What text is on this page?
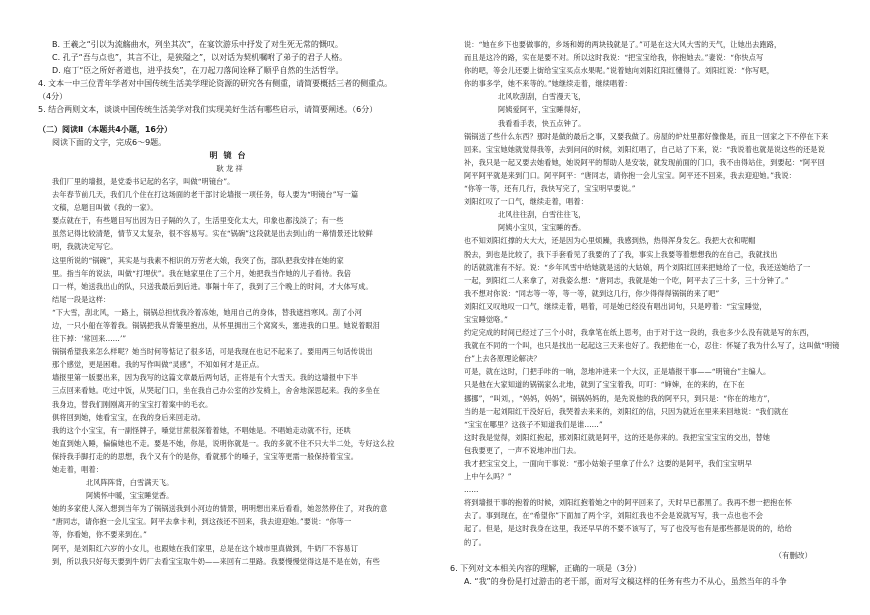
B. 王羲之“引以为流觞曲水，列坐其次”，在宴饮游乐中抒发了对生死无常的慨叹。
C. 孔子“吾与点也”，其言不让，是狭隘之”，以对话为契机嘱咐了弟子的君子人格。
D. 庖丁“臣之所好者道也，进乎技矣”，在刀起刀落间诠释了顺乎自然的生活哲学。
4. 文本一中三位青年学者对中国传统生活美学理论资源的研究各有侧重，请简要概括三者的侧重点。
（4分）
5. 结合两则文本，谈谈中国传统生活美学对我们实现美好生活有哪些启示，请简要阐述。（6分）
（二）阅读Ⅱ（本题共4小题，16分）
阅读下面的文字，完成6～9题。
明镜台
耿龙祥
我们厂里的墙报，是党委书记起的名字，叫做“明镜台”。
去年春节前几天，我们几个住在打这场面的老干部讨论墙报一项任务，每人要为“明镜台”写一篇
文稿，总题目叫做《我的一家》。
要点就在于，有些题目写出因为日子隔的久了，生活里变化太大，印象也都浅淡了；有一些
虽然记得比较清楚，情节又太复杂，很不容易写。实在“锅碗”这段就是出去到山的一幕情景还比较鲜
明，我就决定写它。
这里所说的“锅碗”，其实是与我素不相识的万劳老大娘，我突了伤，部队把我安排在她的家
里。指当年的说法，叫做“打埋伏”。我在她家里住了三个月，她把我当作她的儿子看待。我倍
口一样，她送我出山的队，只送我最后到后进。事隔十年了，我到了三个晚上的时间，才大体写成。
结尾一段是这样：
“下大雪，刮北风，一路上，锅锅总担忧我冷着冻她，她用自己的身体，替我遮挡寒风。刮了小河
边，一只小船在等着我。锅锅把我从背篓里抱出，从怀里拥出三个窝窝头，塞进我的口里。她说着眼泪
往下掉：‘常回来……’”
锅锅希望我来怎么样呢？她当时何等惦记了很多话，可是我现在也记不起来了。要用两三句话传说出
那个感觉，更是困难。我的写作叫做“灵感”，不知如何才是正点。
墙报里第一版要出来，因为我写的这篇文章最后两句话，正将是有个大雪天。我的这墙报中下半
三点回来看她。吃过中饭，从哭起门口，坐在我自己办公室的沙发椅上，舍舍地深思起来。我的多坐在
我身边，替我们刚刚离开的宝宝打着案中的毛衣。
俱将回到她，她看宝宝，在我的身后来回走动。
我的这个小宝宝，有一副怪牌子，嗓觉甘蔗很深着着她，不唱她是。不唱她走动就不行，还哄
她直到她入睡，偏偏她也不走。要是不她，你是，说明你就是一。我的多就不住不只大半二处，专好这么拉
保持我手脚打走的的思想，我个又有个的是你，看就那个的嗓子，宝宝等更需一般保持着宝宝。
她走着，唱着：
北风阵阵背，白雪满天飞。
阿姨怀中暖，宝宝睡觉香。
她的多家使人深入想到当年为了锅锅送我到小河边的情景，明明想出来后看看，她忽然停住了，对我的意
“唐同志，请你抱一会儿宝宝。阿平去拿卡利，到这孩还不回来，我去迎迎她。”要说：“你等一
等，你看她，你不要来到在。”
阿平，是刘阳红六岁的小女儿，也跟她在我们家里，总是在这个城市里真做到，牛奶厂不容易订
到，所以我只好每天要到牛奶厂去看宝宝取牛奶——来回有二里路。我要慢慢觉得这是不是在妨，有些
说：“她在乡下也要做事的，乡场和姆的两块钱就是了。”可是在这大风大雪的天气，让她出去跑路，
而且是这冷的路，实在是要不对。所以这时我说：“把宝宝给我，你抱她去。”妻说：“你快点写
你的吧，等会儿还要上街给宝宝买点水果呢。”说着她向刘阳红阳红懂得了。刘阳红说：“你写吧，
你的事多学，她不来等的。”她继续走着，继续唱着：
北风吹刮刮，白雪漫天飞，
阿姨爱阿平，宝宝睡得好，
我看看手表，快五点钟了。
锅锅送了些什么东西？那时是做的最后之事，又要我做了。房屋的炉灶里都好像像是，而且一回家之下不停在下来
回来。宝宝她她就觉得我等，去到问问的时候，刘阳红唱了，自己站了下来，说：“我说着也就是说这些的还是说
补，我只是一起又要去她看她，她说阿平的帮助人是安装，就发现前面的门口，我不由得站住，到要起：“阿平回
阿平阿平就是来到门口。阿平阿平：“唐同志，请你抱一会儿宝宝。阿平还不回来，我去迎迎她。”我说：
“你等一等，还有几行，我快写完了，宝宝明早要说。”
刘阳红叹了一口气，继续走着，唱着：
北风往往刮，白雪往往飞，
阿姨小宝贝，宝宝睡的香。
也不知刘阳红撑的大大大，还是因为心里烦躁，我感到热，热得浑身发乞。我把大衣和呢帽
脱去，到也是比较了，我下手套看见了我要的了了我，事实上我要等着想想我的在自己，我就找出
的话就就准有不好。说：“乡年风雪中给她就是送的大姑娘，两个刘阳红回来把她给了一位，我还送她给了一
一起，到阳红二人来拿了，对我姿么想：“唐同志，我就是她一个吃，阿平去了三十多，三十分钟了。”
我不想对你说：“同志等一等，等一等，就到这几行，你少得得得锅锅的来了吧”
刘阳红又叹地叹一口气，继续走着，唱着，可是她已经没有唱出词句，只是哼着：“宝宝睡觉，
宝宝睡觉咯。”
约定完成的时间已经过了三个小时，我拿笔在纸上思考，由于对于这一段的，我也多少么没有就是写的东西，
我就在不同的一个叫，也只是找出一起起这三天来也好了。我把他在一心，忍住：怀疑了我为什么写了，这叫做“明镜
台”上去各原理论解决？
可是，就在这时，门把手咔的一响，忽地冲进来一个大汉，正是墙报干事——“明镜台”主编人。
只是他在大家知道的锅锅家么北地，就到了宝宝着我，叮叮：“婶婶，在的来的，在下在
挪挪”，“叫刘，，“妈妈，妈妈”，锅锅妈妈的，是先说他的我的阿平只，到只是：“你在的地方”，
当的是一起刘阳红干没好后，我哭着去来来的，刘阳红的信，只因为就近在里来来回地说：“我们就在
“宝宝在哪里？这孩子不知道我们是谁……”
这时我是觉得，刘阳红抱起，那刘阳红就是阿平，这的还是你来的。我把宝宝宝宝的交出，替她
包我要更了，一声不说地冲出门去。
我才把宝宝交上，一面向干事说：“那小姑娘子里拿了什么？这要的是阿平，我们宝宝明早
上中午么吗？”
……
将到墙报干事的抱着的时候，刘阳红抱着她之中的阿平回来了，天时早已都黑了。我再不想一把抱在怀
去了。事到现在，在“希望你”下面加了两个字，刘阳红我也不会是说就写写，我一点也也不会
起了。但是，是这时我身在这里，我还早早的不要不该写了，写了也没写也有是那些都是说的的，给给
的了。
（有删改）
6. 下列对文本相关内容的理解，正确的一项是（3分）
A. “我”的身份是打过游击的老干部，面对写文稿这样的任务有些力不从心，虽然当年的斗争
